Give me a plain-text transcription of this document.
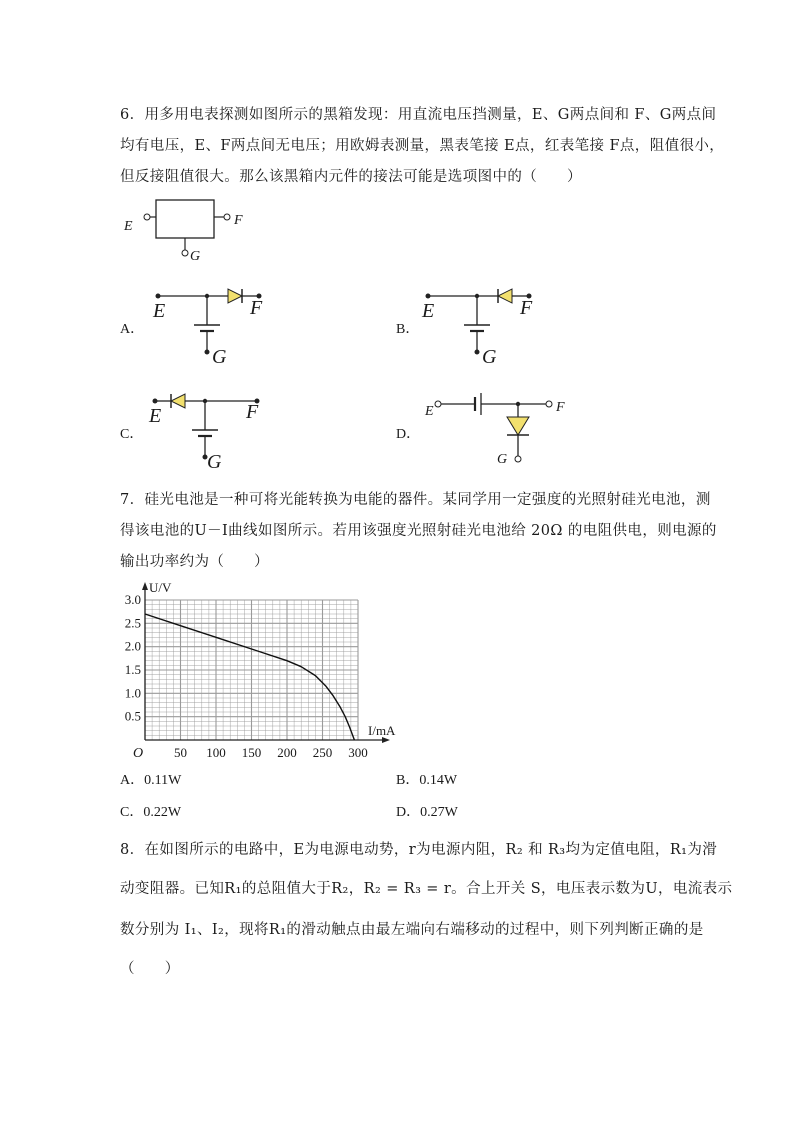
6．用多用电表探测如图所示的黑箱发现：用直流电压挡测量，E、G两点间和 F、G两点间
均有电压，E、F两点间无电压；用欧姆表测量，黑表笔接 E点，红表笔接 F点，阻值很小，
但反接阻值很大。那么该黑箱内元件的接法可能是选项图中的（　　）
E	F
G
A．
E	F
G
B．
E	F
G
C．
E	F
G
D．
E	F
G
7．硅光电池是一种可将光能转换为电能的器件。某同学用一定强度的光照射硅光电池，测
得该电池的U－I曲线如图所示。若用该强度光照射硅光电池给 20Ω 的电阻供电，则电源的
输出功率约为（　　）
50 100 150 200 250 300
0.5
1.0
1.5
2.0
2.5
3.0
O
I/mA
U/V
A．0.11W	B．0.14W
C．0.22W	D．0.27W
8．在如图所示的电路中，E为电源电动势，r为电源内阻，R₂ 和 R₃均为定值电阻，R₁为滑
动变阻器。已知R₁的总阻值大于R₂，R₂ = R₃ = r。合上开关 S，电压表示数为U，电流表示
数分别为 I₁、I₂，现将R₁的滑动触点由最左端向右端移动的过程中，则下列判断正确的是
（　　）
